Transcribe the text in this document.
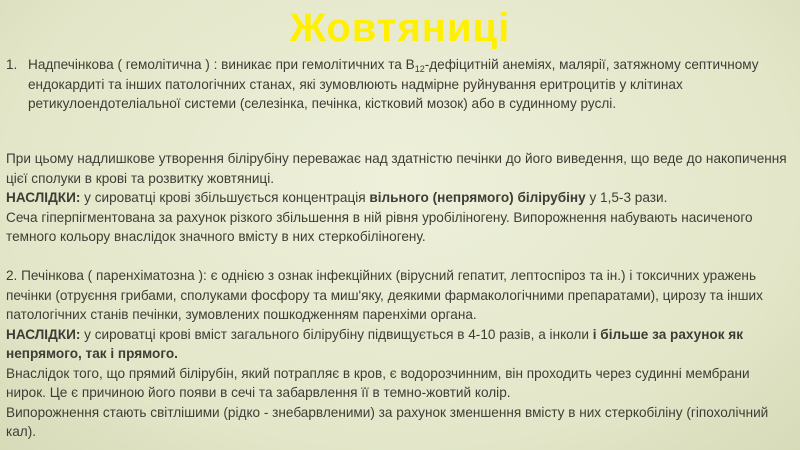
Жовтяниці
1. Надпечінкова ( гемолітична ) : виникає при гемолітичних та $В_{12}$-дефіцитній анеміях, малярії, затяжному септичному ендокардиті та інших патологічних станах, які зумовлюють надмірне руйнування еритроцитів у клітинах ретикулоендотеліальної системи (селезінка, печінка, кістковий мозок) або в судинному руслі.

При цьому надлишкове утворення білірубіну переважає над здатністю печінки до його виведення, що веде до накопичення цієї сполуки в крові та розвитку жовтяниці.

НАСЛІДКИ: у сироватці крові збільшується концентрація вільного (непрямого) білірубіну у 1,5-3 рази.

Сеча гіперпігментована за рахунок різкого збільшення в ній рівня уробіліногену. Випорожнення набувають насиченого темного кольору внаслідок значного вмісту в них стеркобіліногену.

2. Печінкова ( паренхіматозна ): є однією з ознак інфекційних (вірусний гепатит, лептоспіроз та ін.) і токсичних уражень печінки (отруєння грибами, сполуками фосфору та миш'яку, деякими фармакологічними препаратами), цирозу та інших патологічних станів печінки, зумовлених пошкодженням паренхіми органа.

НАСЛІДКИ: у сироватці крові вміст загального білірубіну підвищується в 4-10 разів, а інколи і більше за рахунок як непрямого, так і прямого.

Внаслідок того, що прямий білірубін, який потрапляє в кров, є водорозчинним, він проходить через судинні мембрани нирок. Це є причиною його появи в сечі та забарвлення її в темно-жовтий колір.

Випорожнення стають світлішими (рідко - знебарвленими) за рахунок зменшення вмісту в них стеркобіліну (гіпохолічний кал).
